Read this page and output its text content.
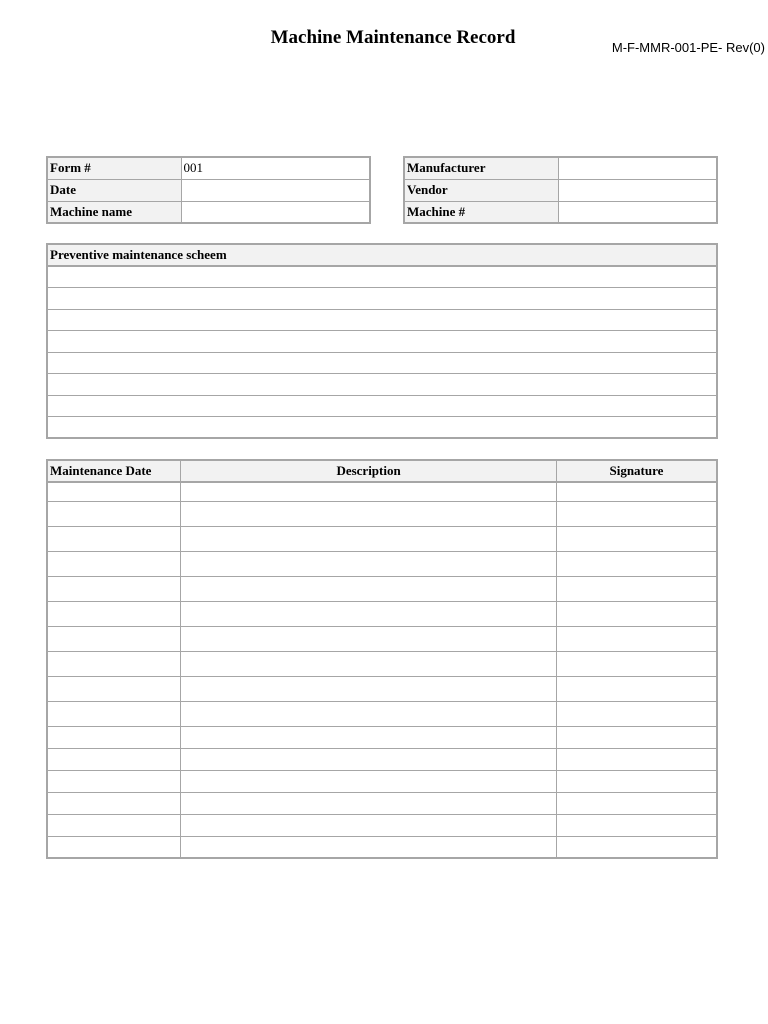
Machine Maintenance Record	M-F-MMR-001-PE- Rev(0)
Form #	001
Date	
Machine name	
Manufacturer	
Vendor	
Machine #	
Preventive maintenance scheem

Maintenance Date	Description	Signature
